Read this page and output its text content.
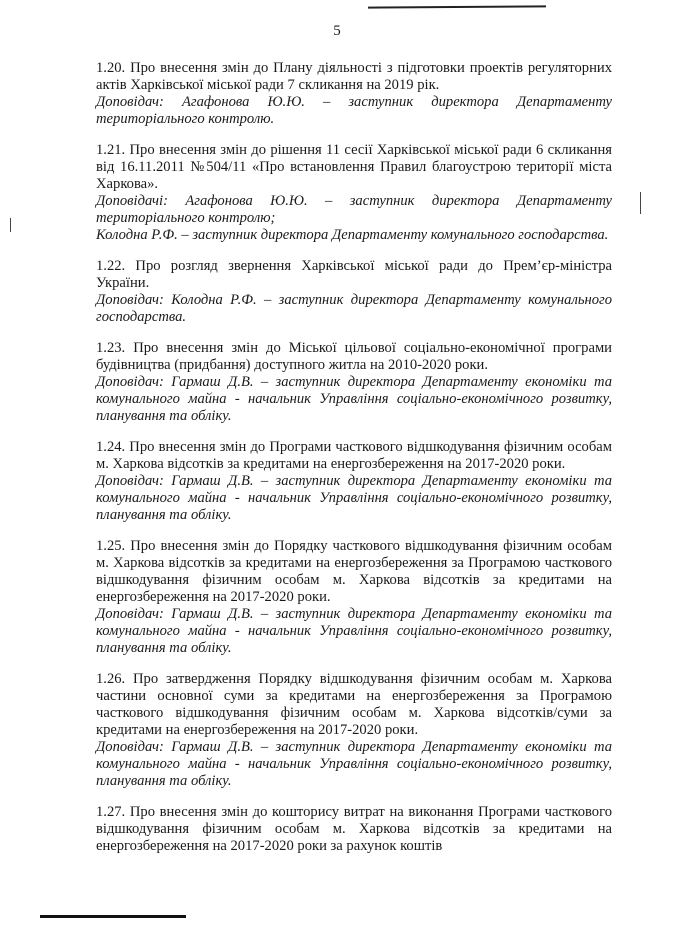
5

1.20. Про внесення змін до Плану діяльності з підготовки проектів регуляторних актів Харківської міської ради 7 скликання на 2019 рік.

Доповідач: Агафонова Ю.Ю. – заступник директора Департаменту територіального контролю.

1.21. Про внесення змін до рішення 11 сесії Харківської міської ради 6 скликання від 16.11.2011 №504/11 «Про встановлення Правил благоустрою території міста Харкова».

Доповідачі: Агафонова Ю.Ю. – заступник директора Департаменту територіального контролю;

Колодна Р.Ф. – заступник директора Департаменту комунального господарства.

1.22. Про розгляд звернення Харківської міської ради до Прем’єр-міністра України.

Доповідач: Колодна Р.Ф. – заступник директора Департаменту комунального господарства.

1.23. Про внесення змін до Міської цільової соціально-економічної програми будівництва (придбання) доступного житла на 2010-2020 роки.

Доповідач: Гармаш Д.В. – заступник директора Департаменту економіки та комунального майна - начальник Управління соціально-економічного розвитку, планування та обліку.

1.24. Про внесення змін до Програми часткового відшкодування фізичним особам м. Харкова відсотків за кредитами на енергозбереження на 2017-2020 роки.

Доповідач: Гармаш Д.В. – заступник директора Департаменту економіки та комунального майна - начальник Управління соціально-економічного розвитку, планування та обліку.

1.25. Про внесення змін до Порядку часткового відшкодування фізичним особам м. Харкова відсотків за кредитами на енергозбереження за Програмою часткового відшкодування фізичним особам м. Харкова відсотків за кредитами на енергозбереження на 2017-2020 роки.

Доповідач: Гармаш Д.В. – заступник директора Департаменту економіки та комунального майна - начальник Управління соціально-економічного розвитку, планування та обліку.

1.26. Про затвердження Порядку відшкодування фізичним особам м. Харкова частини основної суми за кредитами на енергозбереження за Програмою часткового відшкодування фізичним особам м. Харкова відсотків/суми за кредитами на енергозбереження на 2017-2020 роки.

Доповідач: Гармаш Д.В. – заступник директора Департаменту економіки та комунального майна - начальник Управління соціально-економічного розвитку, планування та обліку.

1.27. Про внесення змін до кошторису витрат на виконання Програми часткового відшкодування фізичним особам м. Харкова відсотків за кредитами на енергозбереження на 2017-2020 роки за рахунок коштів
